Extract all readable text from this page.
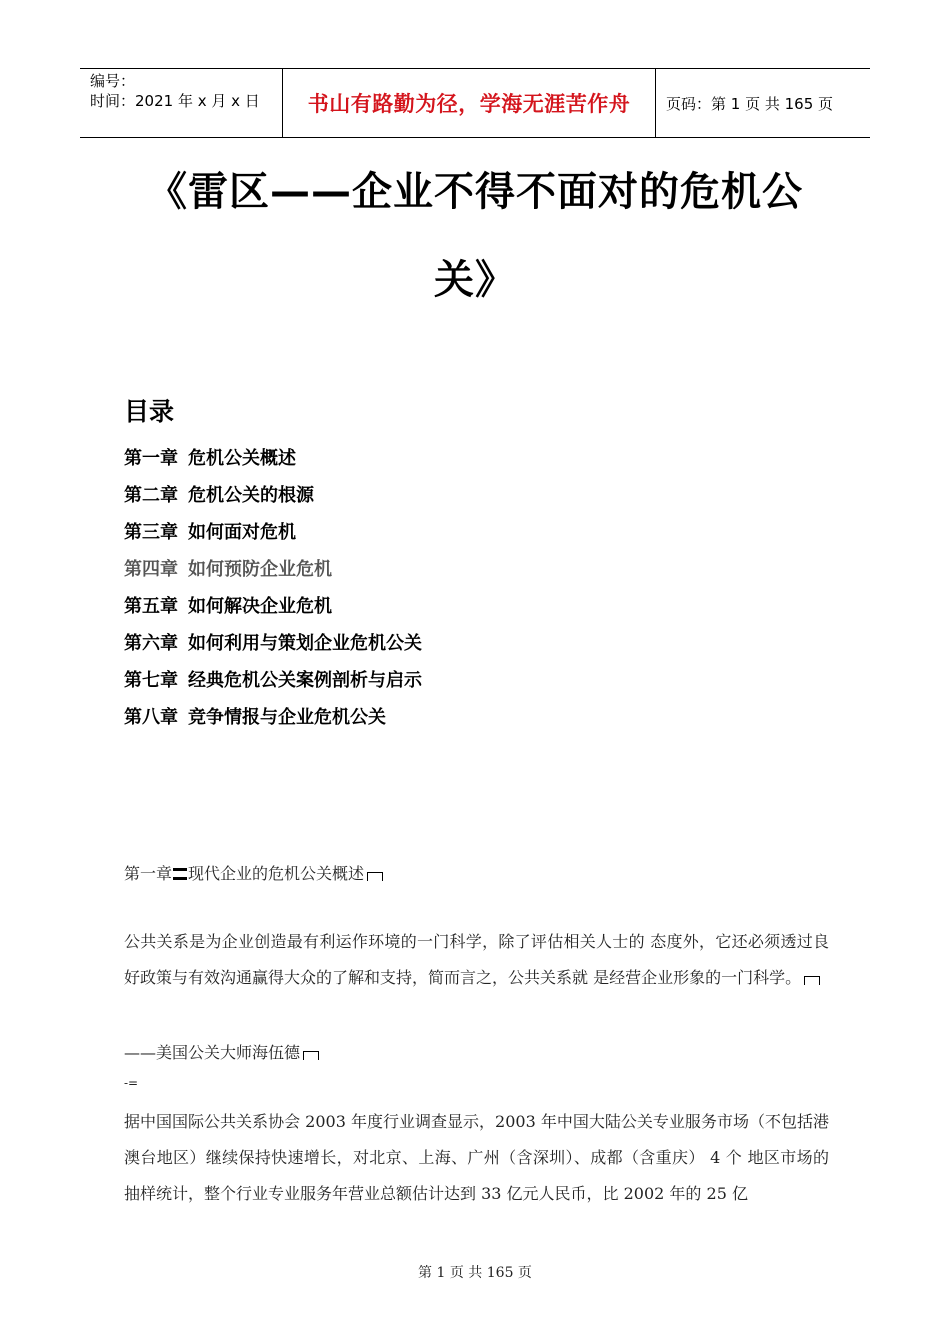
编号：
时间：2021 年 x 月 x 日	书山有路勤为径，学海无涯苦作舟 页码：第 1 页 共 165 页
《雷区——企业不得不面对的危机公
关》
目录
第一章 危机公关概述
第二章 危机公关的根源
第三章 如何面对危机
第四章 如何预防企业危机
第五章 如何解决企业危机
第六章 如何利用与策划企业危机公关
第七章 经典危机公关案例剖析与启示
第八章 竞争情报与企业危机公关
第一章 现代企业的危机公关概述
公共关系是为企业创造最有利运作环境的一门科学，除了评估相关人士的 态度外，它还必须透过良好政策与有效沟通赢得大众的了解和支持，简而言之，公共关系就 是经营企业形象的一门科学。
——美国公关大师海伍德
-=
据中国国际公共关系协会 2003 年度行业调查显示，2003 年中国大陆公关专业服务市场（不包括港澳台地区）继续保持快速增长，对北京、上海、广州（含深圳）、成都（含重庆） 4 个 地区市场的抽样统计，整个行业专业服务年营业总额估计达到 33 亿元人民币，比 2002 年的 25 亿
第 1 页 共 165 页
